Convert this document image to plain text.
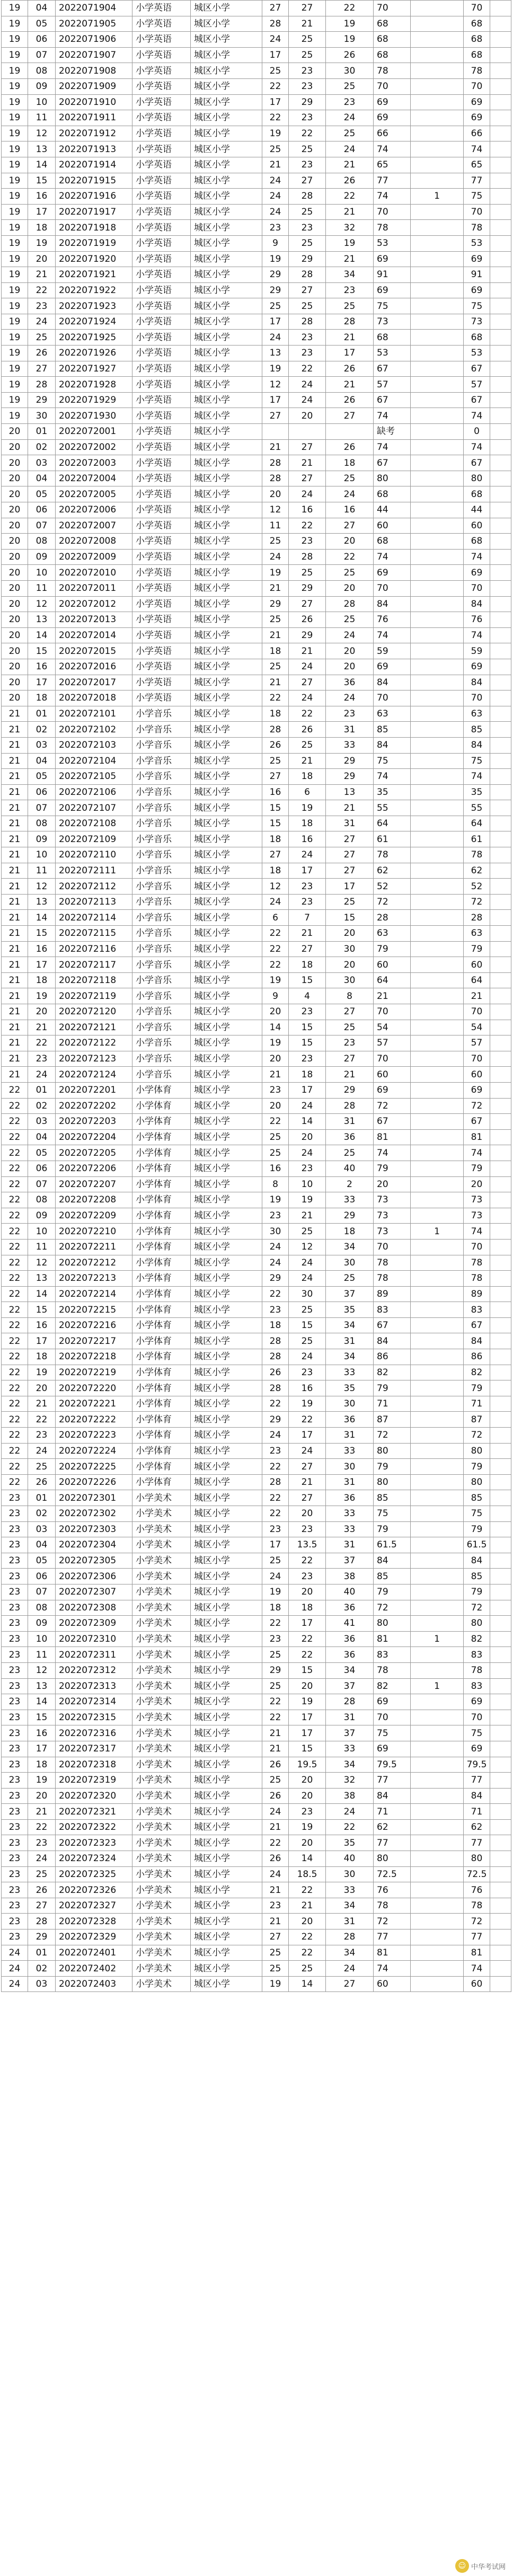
19	04	2022071904	小学英语	城区小学	27	27	22	70		70	
19	05	2022071905	小学英语	城区小学	28	21	19	68		68	
19	06	2022071906	小学英语	城区小学	24	25	19	68		68	
19	07	2022071907	小学英语	城区小学	17	25	26	68		68	
19	08	2022071908	小学英语	城区小学	25	23	30	78		78	
19	09	2022071909	小学英语	城区小学	22	23	25	70		70	
19	10	2022071910	小学英语	城区小学	17	29	23	69		69	
19	11	2022071911	小学英语	城区小学	22	23	24	69		69	
19	12	2022071912	小学英语	城区小学	19	22	25	66		66	
19	13	2022071913	小学英语	城区小学	25	25	24	74		74	
19	14	2022071914	小学英语	城区小学	21	23	21	65		65	
19	15	2022071915	小学英语	城区小学	24	27	26	77		77	
19	16	2022071916	小学英语	城区小学	24	28	22	74	1	75	
19	17	2022071917	小学英语	城区小学	24	25	21	70		70	
19	18	2022071918	小学英语	城区小学	23	23	32	78		78	
19	19	2022071919	小学英语	城区小学	9	25	19	53		53	
19	20	2022071920	小学英语	城区小学	19	29	21	69		69	
19	21	2022071921	小学英语	城区小学	29	28	34	91		91	
19	22	2022071922	小学英语	城区小学	29	27	23	69		69	
19	23	2022071923	小学英语	城区小学	25	25	25	75		75	
19	24	2022071924	小学英语	城区小学	17	28	28	73		73	
19	25	2022071925	小学英语	城区小学	24	23	21	68		68	
19	26	2022071926	小学英语	城区小学	13	23	17	53		53	
19	27	2022071927	小学英语	城区小学	19	22	26	67		67	
19	28	2022071928	小学英语	城区小学	12	24	21	57		57	
19	29	2022071929	小学英语	城区小学	17	24	26	67		67	
19	30	2022071930	小学英语	城区小学	27	20	27	74		74	
20	01	2022072001	小学英语	城区小学				缺考		0	
20	02	2022072002	小学英语	城区小学	21	27	26	74		74	
20	03	2022072003	小学英语	城区小学	28	21	18	67		67	
20	04	2022072004	小学英语	城区小学	28	27	25	80		80	
20	05	2022072005	小学英语	城区小学	20	24	24	68		68	
20	06	2022072006	小学英语	城区小学	12	16	16	44		44	
20	07	2022072007	小学英语	城区小学	11	22	27	60		60	
20	08	2022072008	小学英语	城区小学	25	23	20	68		68	
20	09	2022072009	小学英语	城区小学	24	28	22	74		74	
20	10	2022072010	小学英语	城区小学	19	25	25	69		69	
20	11	2022072011	小学英语	城区小学	21	29	20	70		70	
20	12	2022072012	小学英语	城区小学	29	27	28	84		84	
20	13	2022072013	小学英语	城区小学	25	26	25	76		76	
20	14	2022072014	小学英语	城区小学	21	29	24	74		74	
20	15	2022072015	小学英语	城区小学	18	21	20	59		59	
20	16	2022072016	小学英语	城区小学	25	24	20	69		69	
20	17	2022072017	小学英语	城区小学	21	27	36	84		84	
20	18	2022072018	小学英语	城区小学	22	24	24	70		70	
21	01	2022072101	小学音乐	城区小学	18	22	23	63		63	
21	02	2022072102	小学音乐	城区小学	28	26	31	85		85	
21	03	2022072103	小学音乐	城区小学	26	25	33	84		84	
21	04	2022072104	小学音乐	城区小学	25	21	29	75		75	
21	05	2022072105	小学音乐	城区小学	27	18	29	74		74	
21	06	2022072106	小学音乐	城区小学	16	6	13	35		35	
21	07	2022072107	小学音乐	城区小学	15	19	21	55		55	
21	08	2022072108	小学音乐	城区小学	15	18	31	64		64	
21	09	2022072109	小学音乐	城区小学	18	16	27	61		61	
21	10	2022072110	小学音乐	城区小学	27	24	27	78		78	
21	11	2022072111	小学音乐	城区小学	18	17	27	62		62	
21	12	2022072112	小学音乐	城区小学	12	23	17	52		52	
21	13	2022072113	小学音乐	城区小学	24	23	25	72		72	
21	14	2022072114	小学音乐	城区小学	6	7	15	28		28	
21	15	2022072115	小学音乐	城区小学	22	21	20	63		63	
21	16	2022072116	小学音乐	城区小学	22	27	30	79		79	
21	17	2022072117	小学音乐	城区小学	22	18	20	60		60	
21	18	2022072118	小学音乐	城区小学	19	15	30	64		64	
21	19	2022072119	小学音乐	城区小学	9	4	8	21		21	
21	20	2022072120	小学音乐	城区小学	20	23	27	70		70	
21	21	2022072121	小学音乐	城区小学	14	15	25	54		54	
21	22	2022072122	小学音乐	城区小学	19	15	23	57		57	
21	23	2022072123	小学音乐	城区小学	20	23	27	70		70	
21	24	2022072124	小学音乐	城区小学	21	18	21	60		60	
22	01	2022072201	小学体育	城区小学	23	17	29	69		69	
22	02	2022072202	小学体育	城区小学	20	24	28	72		72	
22	03	2022072203	小学体育	城区小学	22	14	31	67		67	
22	04	2022072204	小学体育	城区小学	25	20	36	81		81	
22	05	2022072205	小学体育	城区小学	25	24	25	74		74	
22	06	2022072206	小学体育	城区小学	16	23	40	79		79	
22	07	2022072207	小学体育	城区小学	8	10	2	20		20	
22	08	2022072208	小学体育	城区小学	19	19	33	73		73	
22	09	2022072209	小学体育	城区小学	23	21	29	73		73	
22	10	2022072210	小学体育	城区小学	30	25	18	73	1	74	
22	11	2022072211	小学体育	城区小学	24	12	34	70		70	
22	12	2022072212	小学体育	城区小学	24	24	30	78		78	
22	13	2022072213	小学体育	城区小学	29	24	25	78		78	
22	14	2022072214	小学体育	城区小学	22	30	37	89		89	
22	15	2022072215	小学体育	城区小学	23	25	35	83		83	
22	16	2022072216	小学体育	城区小学	18	15	34	67		67	
22	17	2022072217	小学体育	城区小学	28	25	31	84		84	
22	18	2022072218	小学体育	城区小学	28	24	34	86		86	
22	19	2022072219	小学体育	城区小学	26	23	33	82		82	
22	20	2022072220	小学体育	城区小学	28	16	35	79		79	
22	21	2022072221	小学体育	城区小学	22	19	30	71		71	
22	22	2022072222	小学体育	城区小学	29	22	36	87		87	
22	23	2022072223	小学体育	城区小学	24	17	31	72		72	
22	24	2022072224	小学体育	城区小学	23	24	33	80		80	
22	25	2022072225	小学体育	城区小学	22	27	30	79		79	
22	26	2022072226	小学体育	城区小学	28	21	31	80		80	
23	01	2022072301	小学美术	城区小学	22	27	36	85		85	
23	02	2022072302	小学美术	城区小学	22	20	33	75		75	
23	03	2022072303	小学美术	城区小学	23	23	33	79		79	
23	04	2022072304	小学美术	城区小学	17	13.5	31	61.5		61.5	
23	05	2022072305	小学美术	城区小学	25	22	37	84		84	
23	06	2022072306	小学美术	城区小学	24	23	38	85		85	
23	07	2022072307	小学美术	城区小学	19	20	40	79		79	
23	08	2022072308	小学美术	城区小学	18	18	36	72		72	
23	09	2022072309	小学美术	城区小学	22	17	41	80		80	
23	10	2022072310	小学美术	城区小学	23	22	36	81	1	82	
23	11	2022072311	小学美术	城区小学	25	22	36	83		83	
23	12	2022072312	小学美术	城区小学	29	15	34	78		78	
23	13	2022072313	小学美术	城区小学	25	20	37	82	1	83	
23	14	2022072314	小学美术	城区小学	22	19	28	69		69	
23	15	2022072315	小学美术	城区小学	22	17	31	70		70	
23	16	2022072316	小学美术	城区小学	21	17	37	75		75	
23	17	2022072317	小学美术	城区小学	21	15	33	69		69	
23	18	2022072318	小学美术	城区小学	26	19.5	34	79.5		79.5	
23	19	2022072319	小学美术	城区小学	25	20	32	77		77	
23	20	2022072320	小学美术	城区小学	26	20	38	84		84	
23	21	2022072321	小学美术	城区小学	24	23	24	71		71	
23	22	2022072322	小学美术	城区小学	21	19	22	62		62	
23	23	2022072323	小学美术	城区小学	22	20	35	77		77	
23	24	2022072324	小学美术	城区小学	26	14	40	80		80	
23	25	2022072325	小学美术	城区小学	24	18.5	30	72.5		72.5	
23	26	2022072326	小学美术	城区小学	21	22	33	76		76	
23	27	2022072327	小学美术	城区小学	23	21	34	78		78	
23	28	2022072328	小学美术	城区小学	21	20	31	72		72	
23	29	2022072329	小学美术	城区小学	27	22	28	77		77	
24	01	2022072401	小学美术	城区小学	25	22	34	81		81	
24	02	2022072402	小学美术	城区小学	25	25	24	74		74	
24	03	2022072403	小学美术	城区小学	19	14	27	60		60	
☺ 中华考试网
